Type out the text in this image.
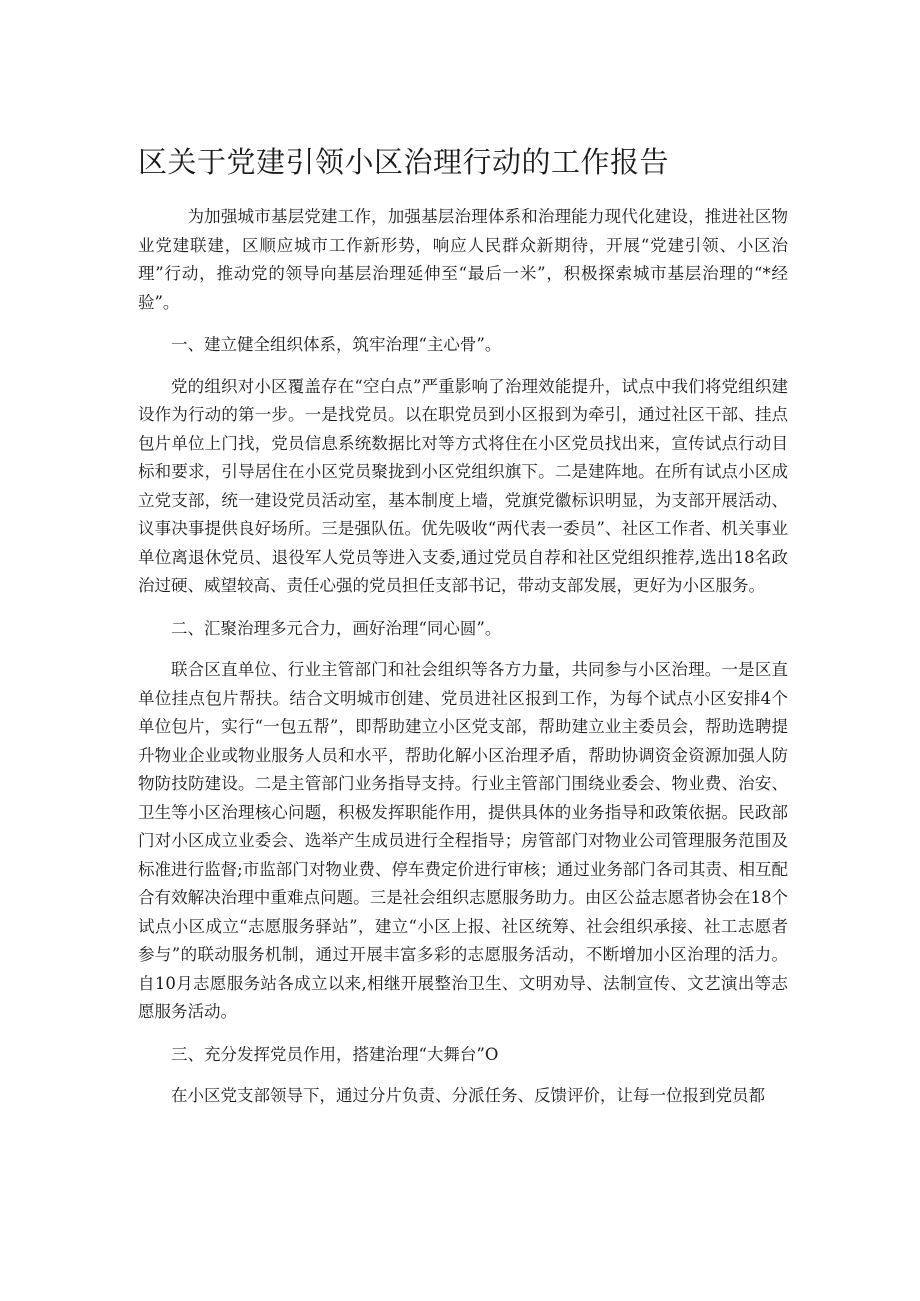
区关于党建引领小区治理行动的工作报告

为加强城市基层党建工作，加强基层治理体系和治理能力现代化建设，推进社区物业党建联建，区顺应城市工作新形势，响应人民群众新期待，开展“党建引领、小区治理”行动，推动党的领导向基层治理延伸至“最后一米”，积极探索城市基层治理的“*经验”。

一、建立健全组织体系，筑牢治理“主心骨”。

党的组织对小区覆盖存在“空白点”严重影响了治理效能提升，试点中我们将党组织建设作为行动的第一步。一是找党员。以在职党员到小区报到为牵引，通过社区干部、挂点包片单位上门找，党员信息系统数据比对等方式将住在小区党员找出来，宣传试点行动目标和要求，引导居住在小区党员聚拢到小区党组织旗下。二是建阵地。在所有试点小区成立党支部，统一建设党员活动室，基本制度上墙，党旗党徽标识明显，为支部开展活动、议事决事提供良好场所。三是强队伍。优先吸收“两代表一委员”、社区工作者、机关事业单位离退休党员、退役军人党员等进入支委,通过党员自荐和社区党组织推荐,选出18名政治过硬、威望较高、责任心强的党员担任支部书记，带动支部发展，更好为小区服务。

二、汇聚治理多元合力，画好治理“同心圆”。

联合区直单位、行业主管部门和社会组织等各方力量，共同参与小区治理。一是区直单位挂点包片帮扶。结合文明城市创建、党员进社区报到工作，为每个试点小区安排4个单位包片，实行“一包五帮”，即帮助建立小区党支部，帮助建立业主委员会，帮助选聘提升物业企业或物业服务人员和水平，帮助化解小区治理矛盾，帮助协调资金资源加强人防物防技防建设。二是主管部门业务指导支持。行业主管部门围绕业委会、物业费、治安、卫生等小区治理核心问题，积极发挥职能作用，提供具体的业务指导和政策依据。民政部门对小区成立业委会、选举产生成员进行全程指导；房管部门对物业公司管理服务范围及标准进行监督;市监部门对物业费、停车费定价进行审核；通过业务部门各司其责、相互配合有效解决治理中重难点问题。三是社会组织志愿服务助力。由区公益志愿者协会在18个试点小区成立“志愿服务驿站”，建立“小区上报、社区统筹、社会组织承接、社工志愿者参与”的联动服务机制，通过开展丰富多彩的志愿服务活动，不断增加小区治理的活力。自10月志愿服务站各成立以来,相继开展整治卫生、文明劝导、法制宣传、文艺演出等志愿服务活动。

三、充分发挥党员作用，搭建治理“大舞台”O

在小区党支部领导下，通过分片负责、分派任务、反馈评价，让每一位报到党员都
